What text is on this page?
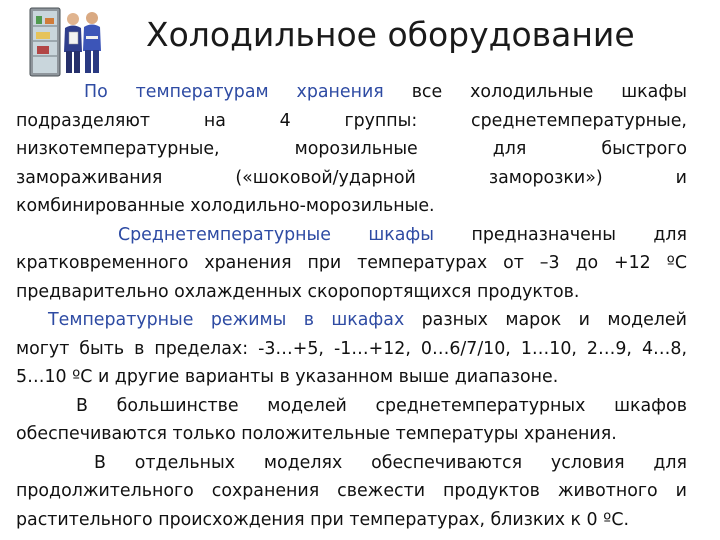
Холодильное оборудование
По температурам хранения все холодильные шкафы
подразделяют	на	4	группы:	среднетемпературные,
низкотемпературные,	морозильные	для	быстрого
замораживания	(«шоковой/ударной	заморозки»)	и
комбинированные холодильно-морозильные.
Среднетемпературные шкафы предназначены для
кратковременного хранения при температурах от –3 до +12 ºС
предварительно охлажденных скоропортящихся продуктов.
Температурные режимы в шкафах разных марок и моделей
могут быть в пределах: -3…+5, -1…+12, 0…6/7/10, 1…10, 2…9, 4…8,
5…10 ºС и другие варианты в указанном выше диапазоне.
В большинстве моделей среднетемпературных шкафов
обеспечиваются только положительные температуры хранения.
В отдельных моделях обеспечиваются условия для
продолжительного сохранения свежести продуктов животного и
растительного происхождения при температурах, близких к 0 ºС.
